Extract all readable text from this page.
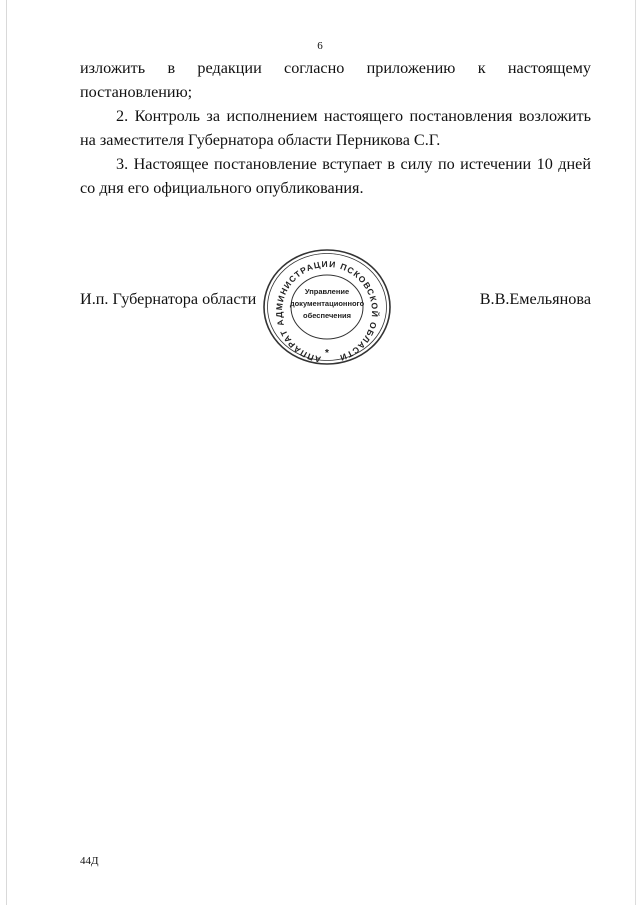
6
изложить в редакции согласно приложению к настоящему
постановлению;
2. Контроль за исполнением настоящего постановления возложить
на заместителя Губернатора области Перникова С.Г.
3. Настоящее постановление вступает в силу по истечении 10 дней
со дня его официального опубликования.
И.п. Губернатора области	В.В.Емельянова
АППАРАТ АДМИНИСТРАЦИИ ПСКОВСКОЙ ОБЛАСТИ
Управление
документационного
обеспечения
*
44Д
